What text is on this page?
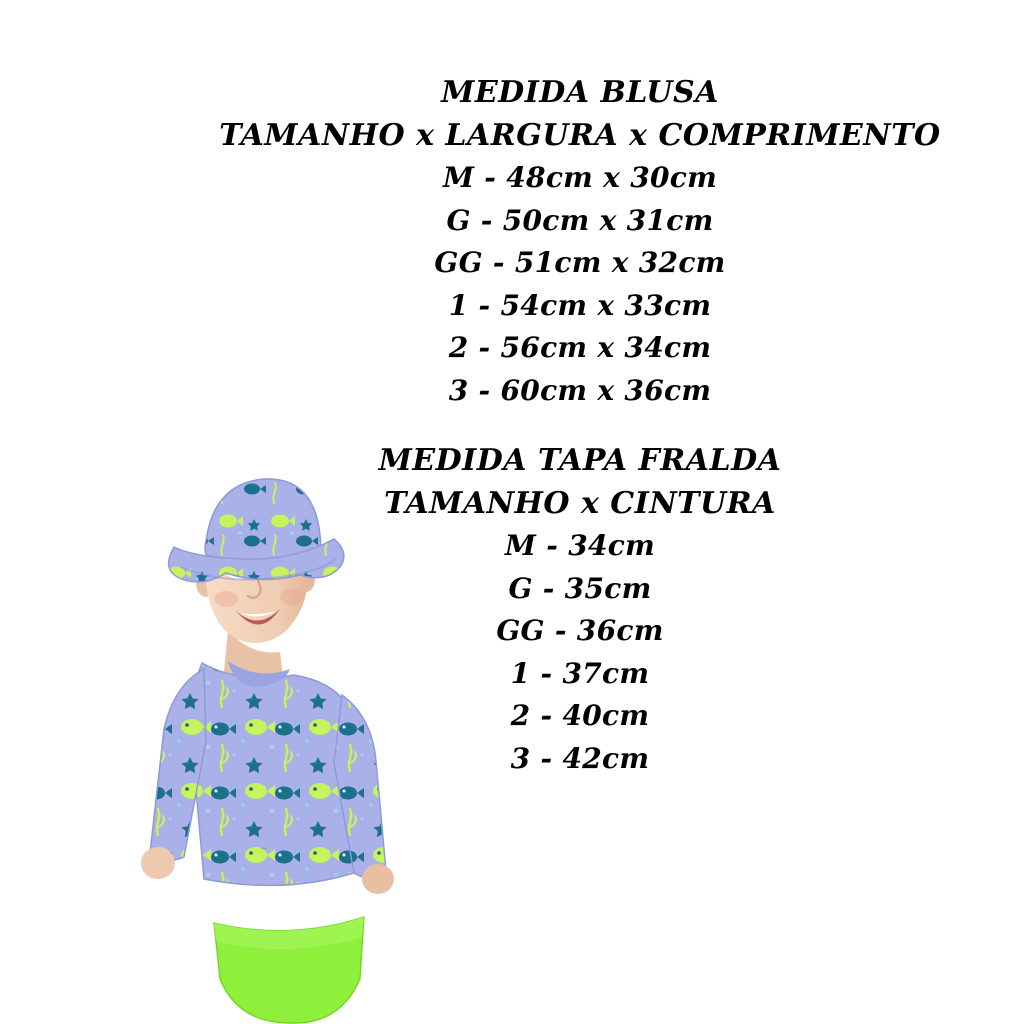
MEDIDA BLUSA
TAMANHO x LARGURA x COMPRIMENTO
M - 48cm x 30cm
G - 50cm x 31cm
GG - 51cm x 32cm
1 - 54cm x 33cm
2 - 56cm x 34cm
3 - 60cm x 36cm
MEDIDA TAPA FRALDA
TAMANHO x CINTURA
M - 34cm
G - 35cm
GG - 36cm
1 - 37cm
2 - 40cm
3 - 42cm
~
